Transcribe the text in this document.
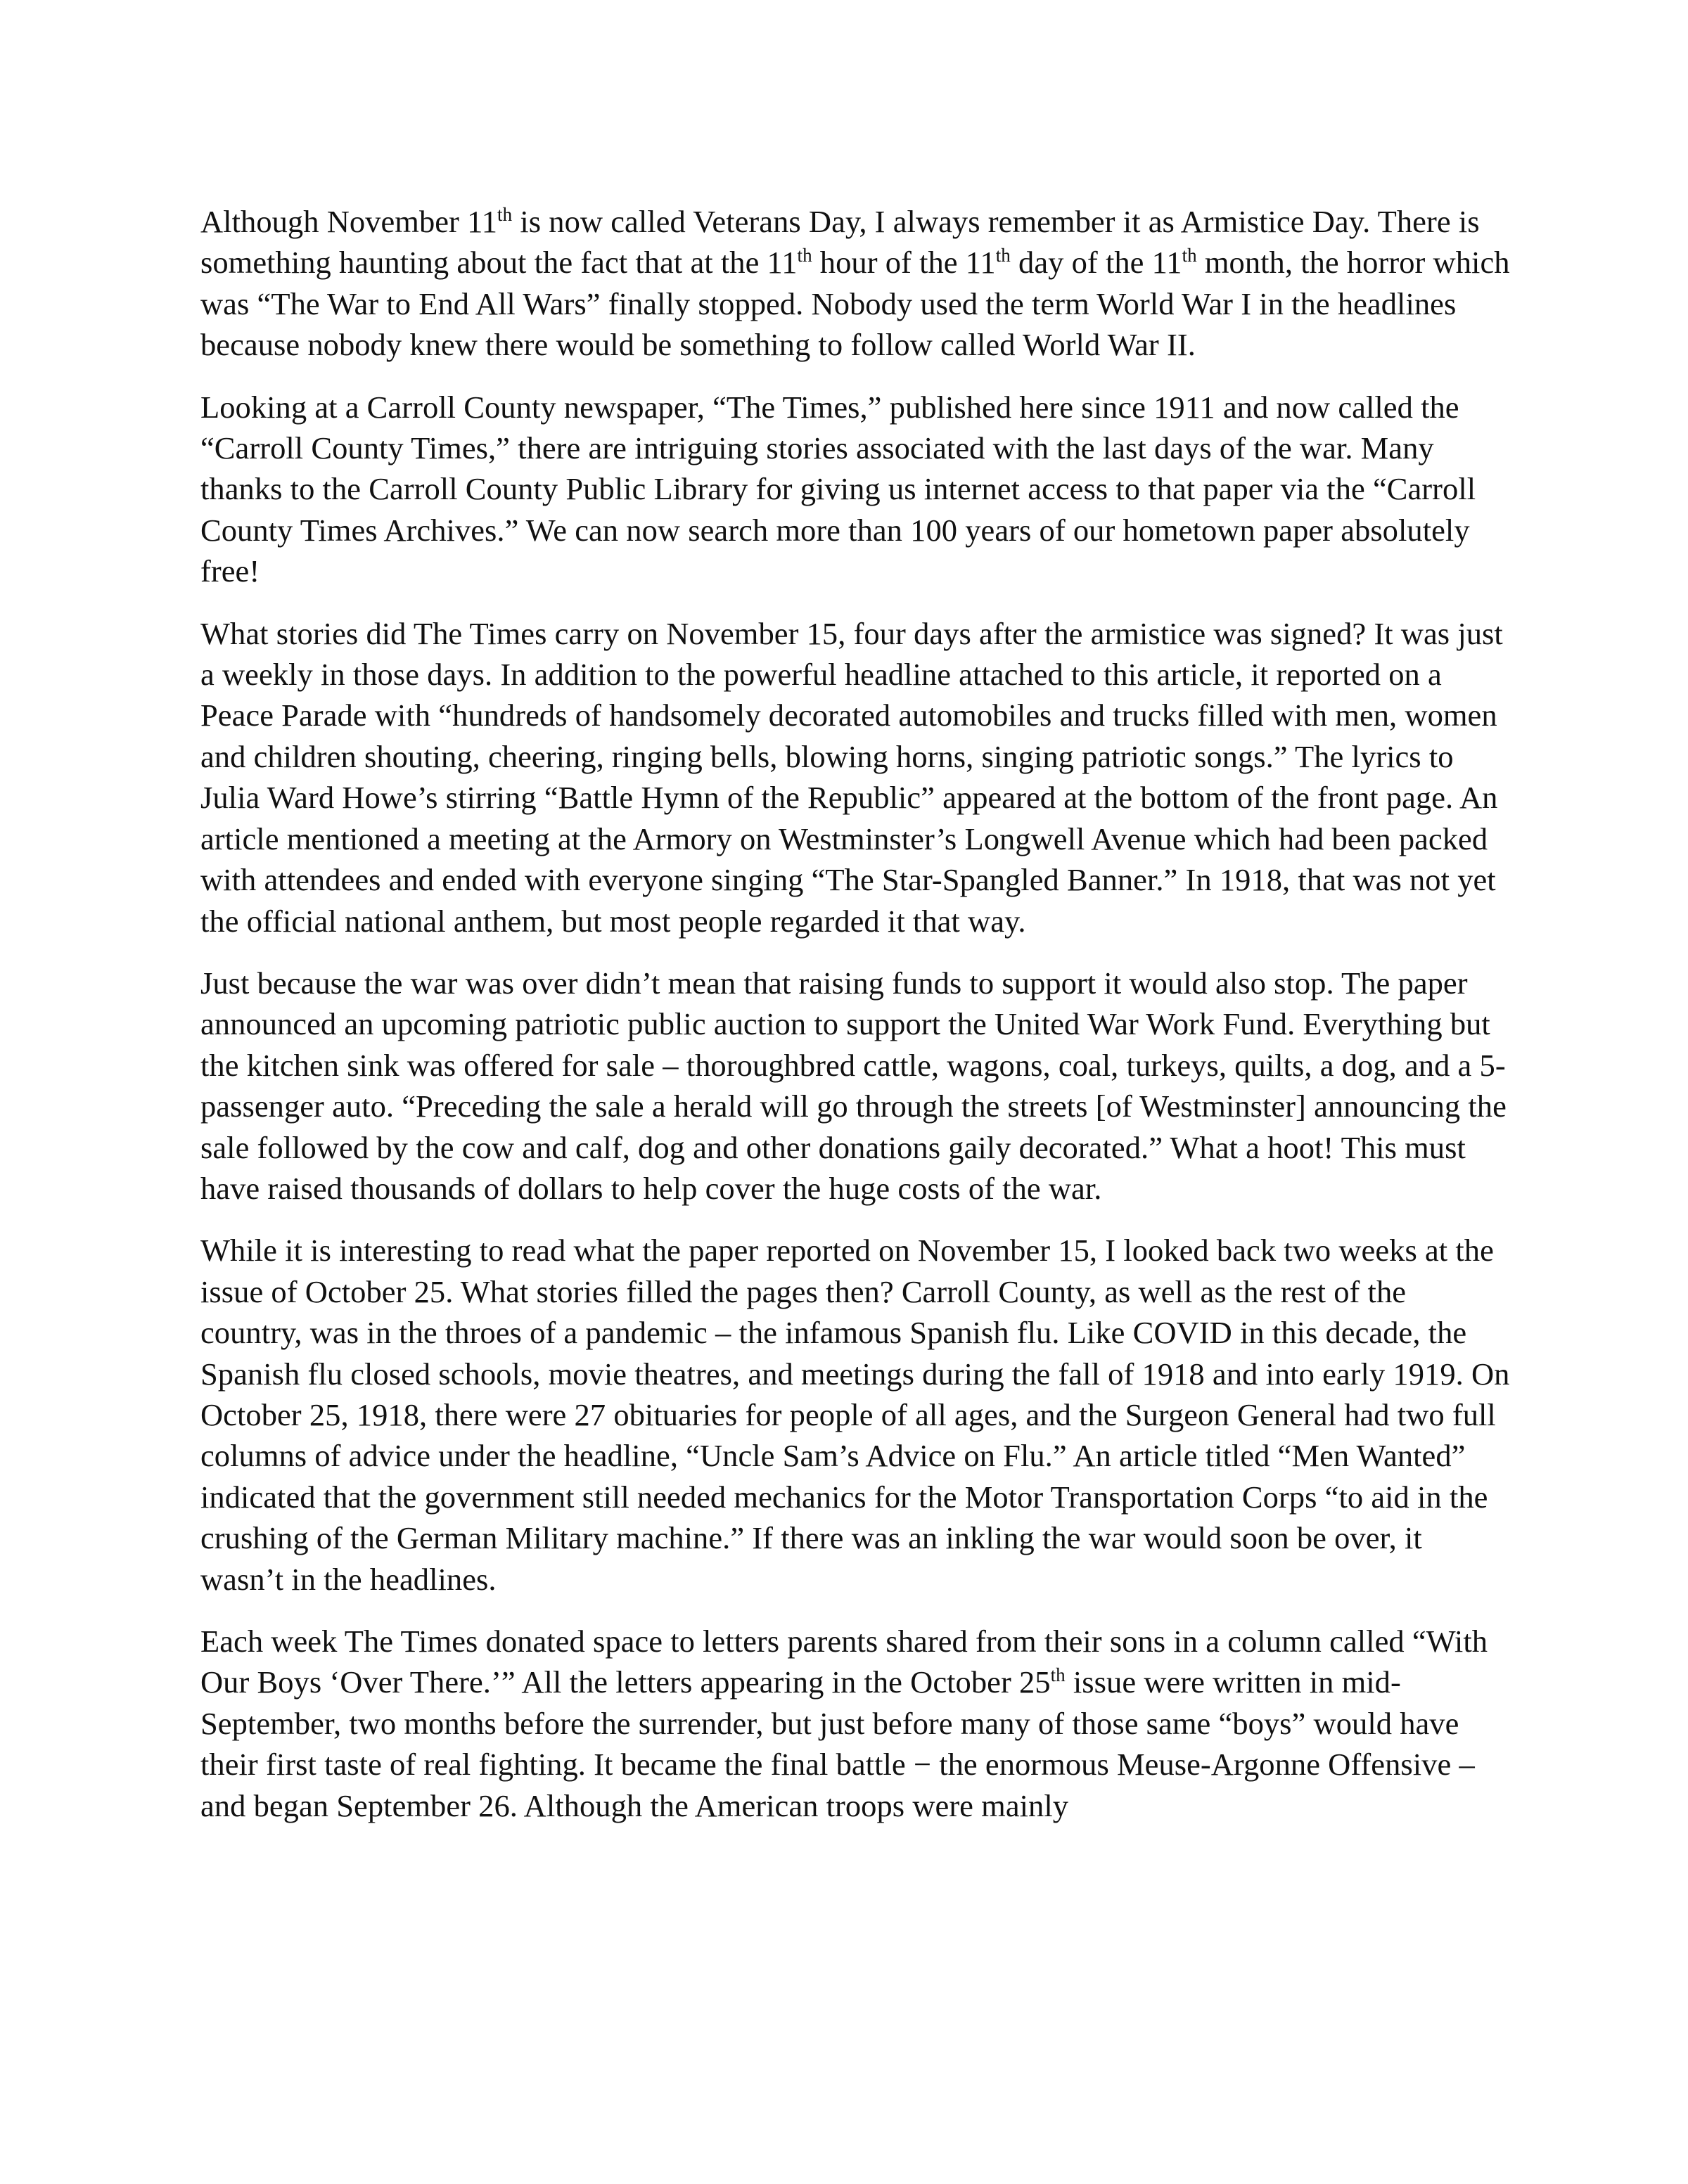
Although November 11th is now called Veterans Day, I always remember it as Armistice Day. There is something haunting about the fact that at the 11th hour of the 11th day of the 11th month, the horror which was “The War to End All Wars” finally stopped. Nobody used the term World War I in the headlines because nobody knew there would be something to follow called World War II.

Looking at a Carroll County newspaper, “The Times,” published here since 1911 and now called the “Carroll County Times,” there are intriguing stories associated with the last days of the war. Many thanks to the Carroll County Public Library for giving us internet access to that paper via the “Carroll County Times Archives.” We can now search more than 100 years of our hometown paper absolutely free!

What stories did The Times carry on November 15, four days after the armistice was signed? It was just a weekly in those days. In addition to the powerful headline attached to this article, it reported on a Peace Parade with “hundreds of handsomely decorated automobiles and trucks filled with men, women and children shouting, cheering, ringing bells, blowing horns, singing patriotic songs.” The lyrics to Julia Ward Howe’s stirring “Battle Hymn of the Republic” appeared at the bottom of the front page. An article mentioned a meeting at the Armory on Westminster’s Longwell Avenue which had been packed with attendees and ended with everyone singing “The Star-Spangled Banner.” In 1918, that was not yet the official national anthem, but most people regarded it that way.

Just because the war was over didn’t mean that raising funds to support it would also stop. The paper announced an upcoming patriotic public auction to support the United War Work Fund. Everything but the kitchen sink was offered for sale – thoroughbred cattle, wagons, coal, turkeys, quilts, a dog, and a 5-passenger auto. “Preceding the sale a herald will go through the streets [of Westminster] announcing the sale followed by the cow and calf, dog and other donations gaily decorated.” What a hoot! This must have raised thousands of dollars to help cover the huge costs of the war.

While it is interesting to read what the paper reported on November 15, I looked back two weeks at the issue of October 25. What stories filled the pages then? Carroll County, as well as the rest of the country, was in the throes of a pandemic – the infamous Spanish flu. Like COVID in this decade, the Spanish flu closed schools, movie theatres, and meetings during the fall of 1918 and into early 1919. On October 25, 1918, there were 27 obituaries for people of all ages, and the Surgeon General had two full columns of advice under the headline, “Uncle Sam’s Advice on Flu.” An article titled “Men Wanted” indicated that the government still needed mechanics for the Motor Transportation Corps “to aid in the crushing of the German Military machine.” If there was an inkling the war would soon be over, it wasn’t in the headlines.

Each week The Times donated space to letters parents shared from their sons in a column called “With Our Boys ‘Over There.’” All the letters appearing in the October 25th issue were written in mid-September, two months before the surrender, but just before many of those same “boys” would have their first taste of real fighting. It became the final battle − the enormous Meuse-Argonne Offensive – and began September 26. Although the American troops were mainly
